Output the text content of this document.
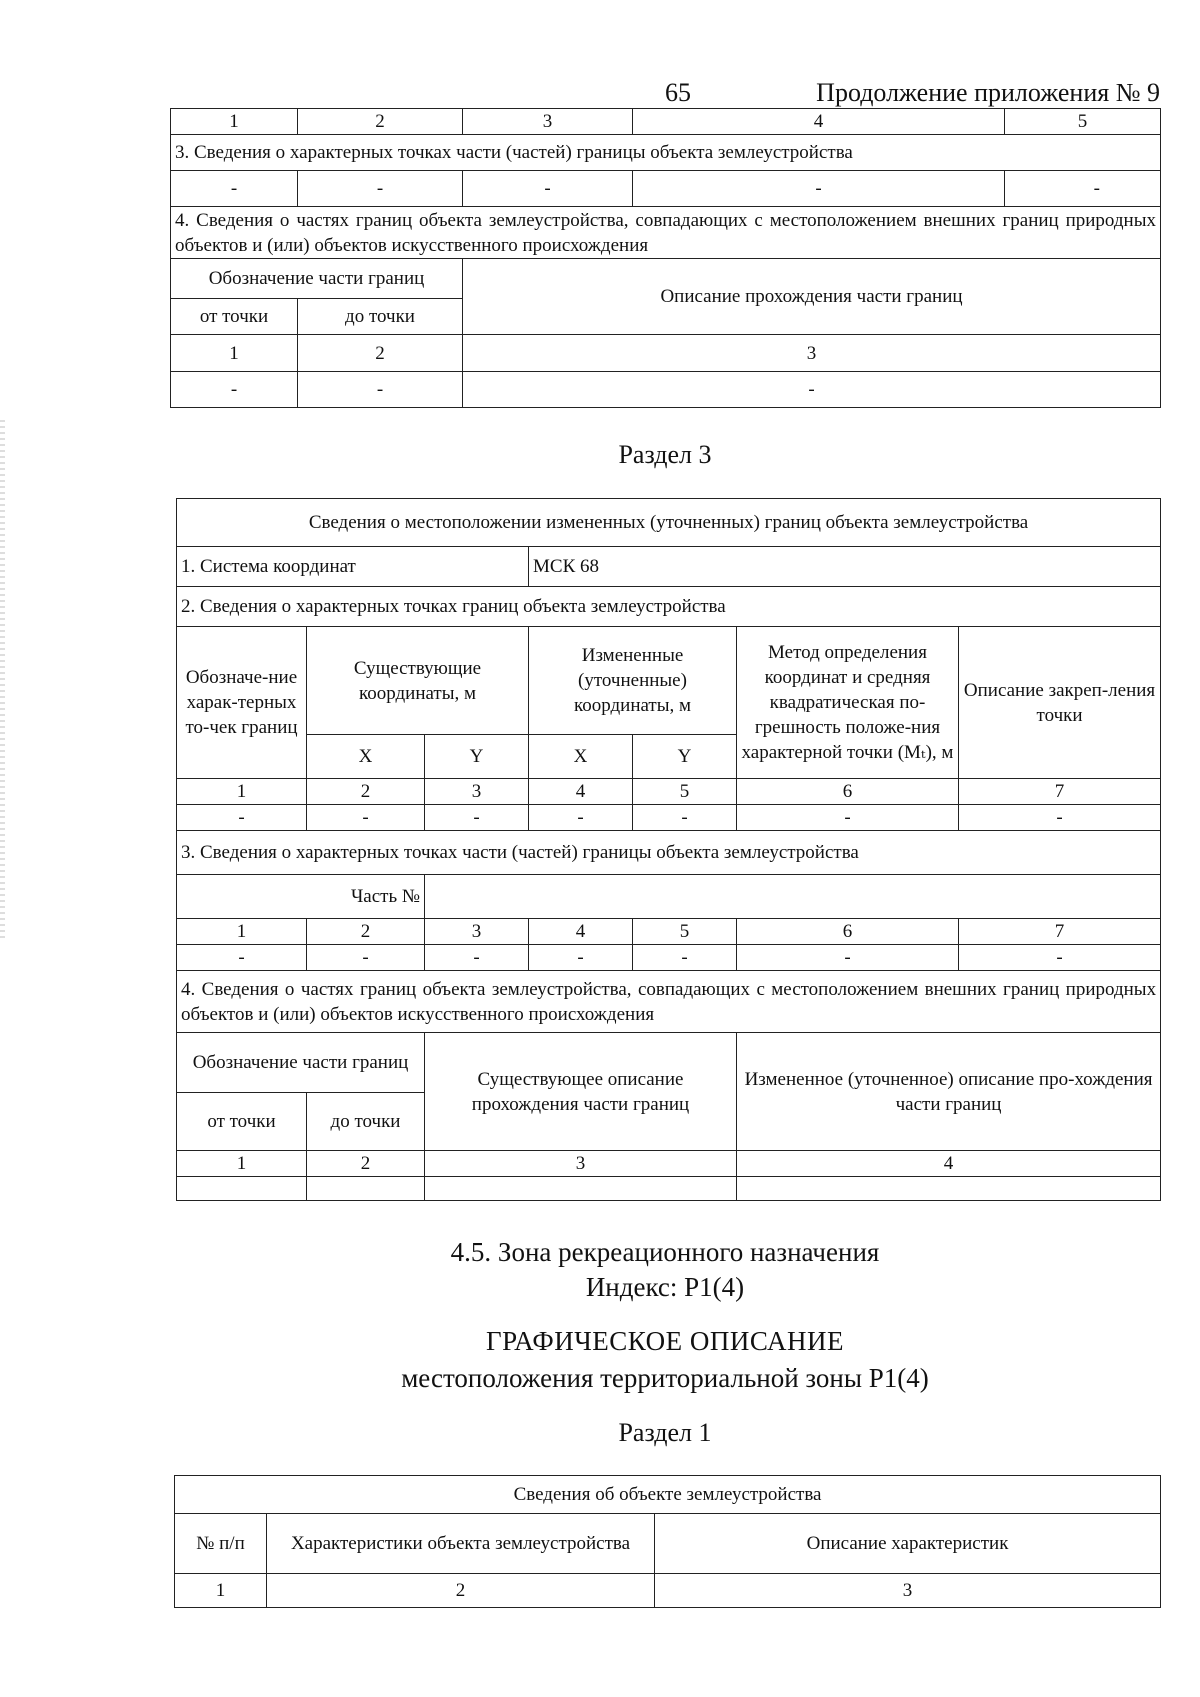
65	Продолжение приложения № 9
1	2	3	4	5
3. Сведения о характерных точках части (частей) границы объекта землеустройства				
-	-	-	-	-
4. Сведения о частях границ объекта землеустройства, совпадающих с местоположением внешних границ природных объектов и (или) объектов искусственного происхождения				
Обозначение части границ		Описание прохождения части границ		
от точки	до точки			
1	2	3		
-	-	-		
Раздел 3
Сведения о местоположении измененных (уточненных) границ объекта землеустройства						
1. Система координат			МСК 68			
2. Сведения о характерных точках границ объекта землеустройства						
Обозначе-ние харак-терных то-чек границ	Существующие координаты, м		Измененные (уточненные) координаты, м		Метод определения координат и средняя квадратическая по-грешность положе-ния характерной точки (Mₜ), м	Описание закреп-ления точки
	X	Y	X	Y		
1	2	3	4	5	6	7
-	-	-	-	-	-	-
3. Сведения о характерных точках части (частей) границы объекта землеустройства						
Часть №						
1	2	3	4	5	6	7
-	-	-	-	-	-	-
4. Сведения о частях границ объекта землеустройства, совпадающих с местоположением внешних границ природных объектов и (или) объектов искусственного происхождения						
Обозначение части границ		Существующее описание прохождения части границ			Измененное (уточненное) описание про-хождения части границ	
от точки	до точки					
1	2	3			4	

4.5. Зона рекреационного назначения
Индекс: Р1(4)
ГРАФИЧЕСКОЕ ОПИСАНИЕ
местоположения территориальной зоны Р1(4)
Раздел 1
Сведения об объекте землеустройства		
№ п/п	Характеристики объекта землеустройства	Описание характеристик
1	2	3
